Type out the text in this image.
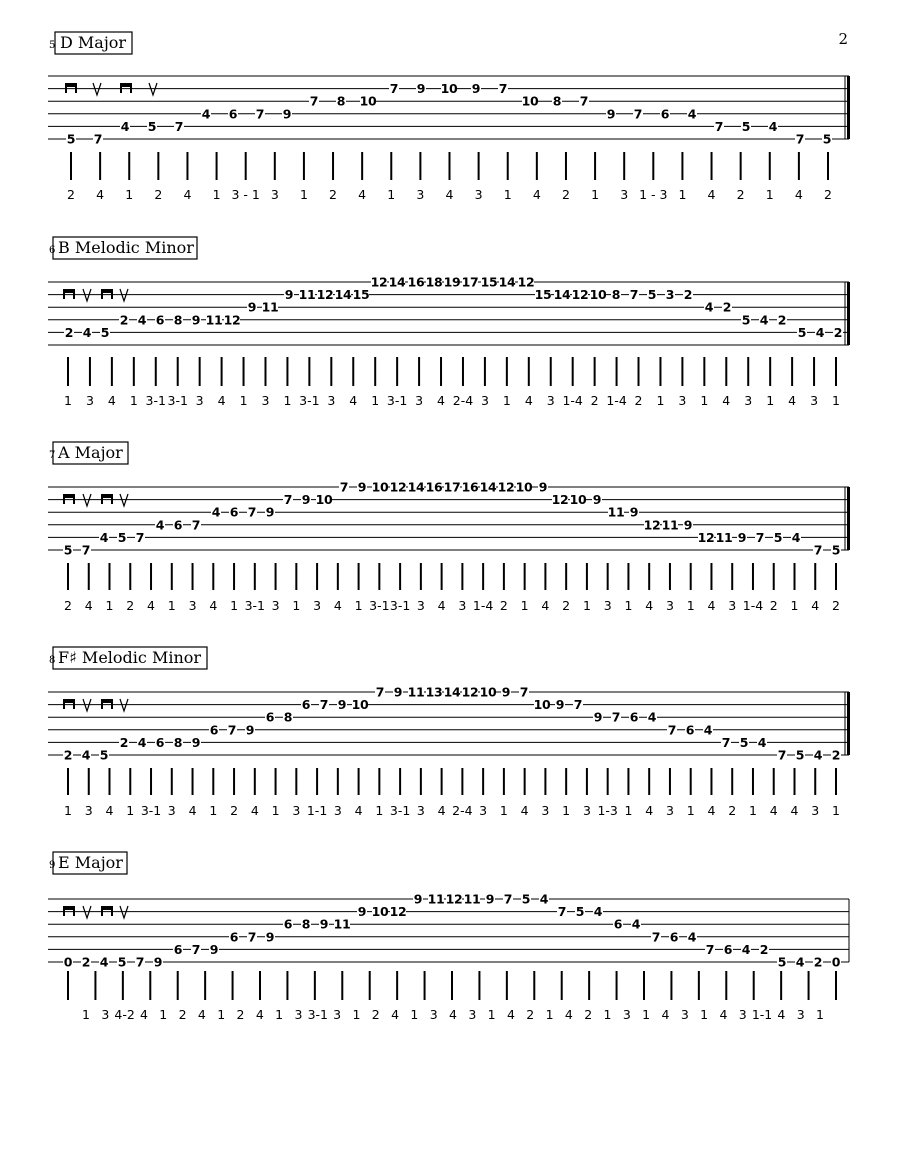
2
5 D Major
7 9 10 9 7
7 8 10	10 8 7
4 6 7 9	9 7 6 4
4 5 7	7 5 4
5 7	7 5
2 4 1 2 4 1 3 - 1 3 1 2 4 1 3 4 3 1 4 2 1 3 1 - 3 1 4 2 1 4 2
6 B Melodic Minor
12 14 16 18 19 17 15 14 12
9 11 12 14 15	15 14 12 10 8 7 5 3 2
9 11	4 2
2 4 6 8 9 11 12	5 4 2
2 4 5	5 4 2
1 3 4 1 3-1 3-1 3 4 1 3 1 3-1 3 4 1 3-1 3 4 2-4 3 1 4 3 1-4 2 1-4 2 1 3 1 4 3 1 4 3 1
7 A Major
7 9 10 12 14 16 17 16 14 12 10 9
7 9 10	12 10 9
4 6 7 9	11 9
4 6 7	12 11 9
4 5 7	12 11 9 7 5 4
5 7	7 5
2 4 1 2 4 1 3 4 1 3-1 3 1 3 4 1 3-1 3-1 3 4 3 1-4 2 1 4 2 1 3 1 4 3 1 4 3 1-4 2 1 4 2
8 F♯ Melodic Minor
7 9 11 13 14 12 10 9 7
6 7 9 10	10 9 7
6 8	9 7 6 4
6 7 9	7 6 4
2 4 6 8 9	7 5 4
2 4 5	7 5 4 2
1 3 4 1 3-1 3 4 1 2 4 1 3 1-1 3 4 1 3-1 3 4 2-4 3 1 4 3 1 3 1-3 1 4 3 1 4 2 1 4 4 3 1
9 E Major
9 11 12 11 9 7 5 4
9 10 12	7 5 4
6 8 9 11	6 4
6 7 9	7 6 4
6 7 9	7 6 4 2
0 2 4 5 7 9	5 4 2 0
1 3 4-2 4 1 2 4 1 2 4 1 3 3-1 3 1 2 4 1 3 4 3 1 4 2 1 4 2 1 3 1 4 3 1 4 3 1-1 4 3 1
